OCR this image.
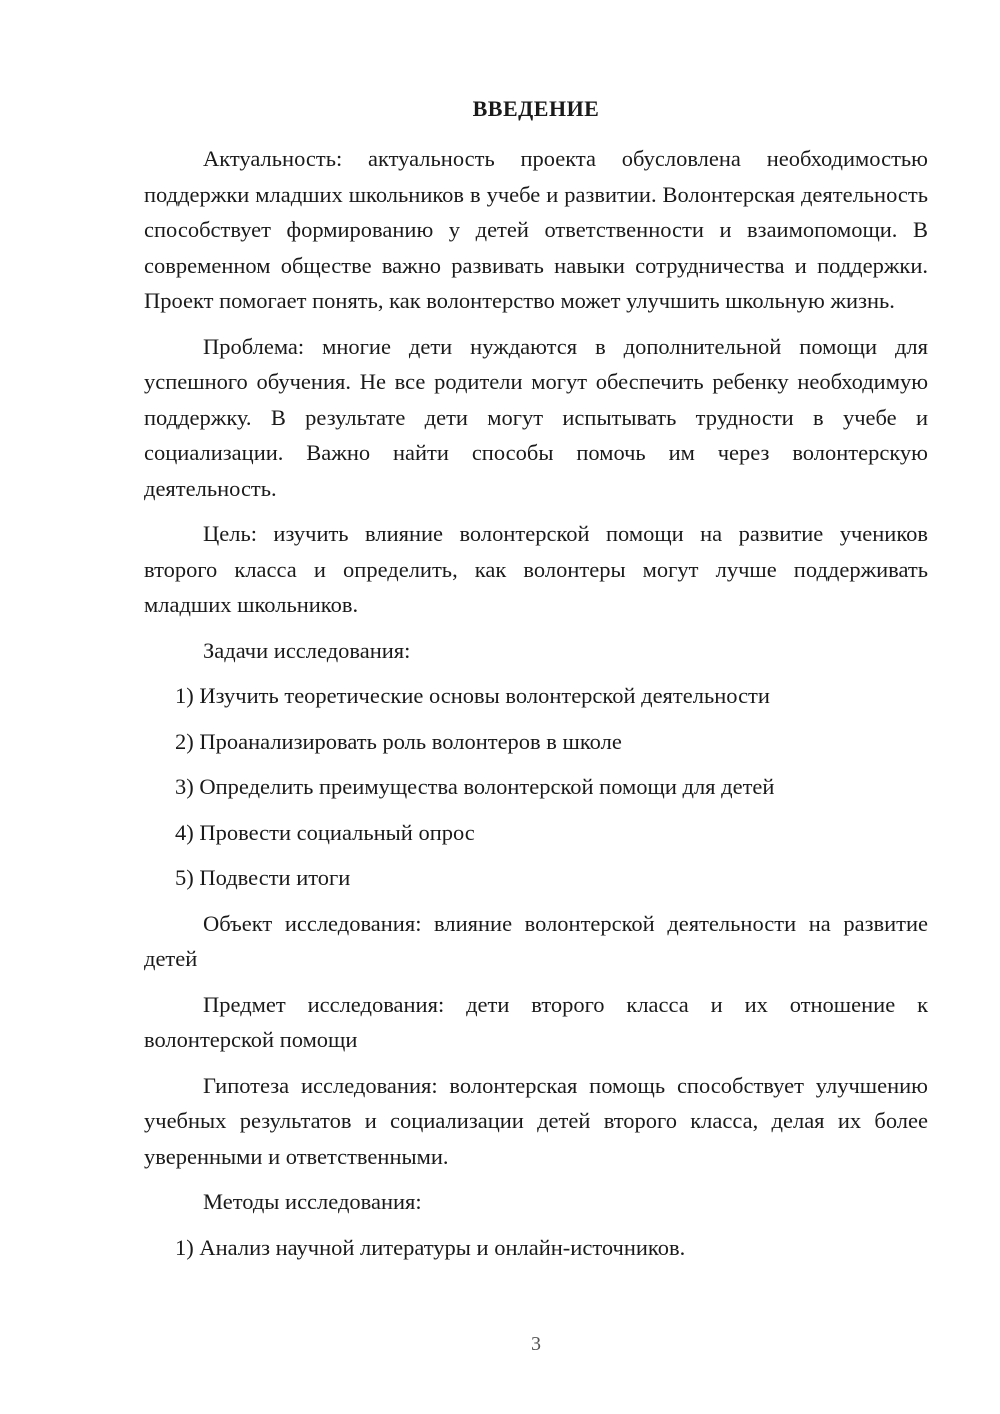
ВВЕДЕНИЕ

Актуальность: актуальность проекта обусловлена необходимостью поддержки младших школьников в учебе и развитии. Волонтерская деятельность способствует формированию у детей ответственности и взаимопомощи. В современном обществе важно развивать навыки сотрудничества и поддержки. Проект помогает понять, как волонтерство может улучшить школьную жизнь.

Проблема: многие дети нуждаются в дополнительной помощи для успешного обучения. Не все родители могут обеспечить ребенку необходимую поддержку. В результате дети могут испытывать трудности в учебе и социализации. Важно найти способы помочь им через волонтерскую деятельность.

Цель: изучить влияние волонтерской помощи на развитие учеников второго класса и определить, как волонтеры могут лучше поддерживать младших школьников.

Задачи исследования:

1) Изучить теоретические основы волонтерской деятельности

2) Проанализировать роль волонтеров в школе

3) Определить преимущества волонтерской помощи для детей

4) Провести социальный опрос

5) Подвести итоги

Объект исследования: влияние волонтерской деятельности на развитие детей

Предмет исследования: дети второго класса и их отношение к волонтерской помощи

Гипотеза исследования: волонтерская помощь способствует улучшению учебных результатов и социализации детей второго класса, делая их более уверенными и ответственными.

Методы исследования:

1) Анализ научной литературы и онлайн-источников.

3
